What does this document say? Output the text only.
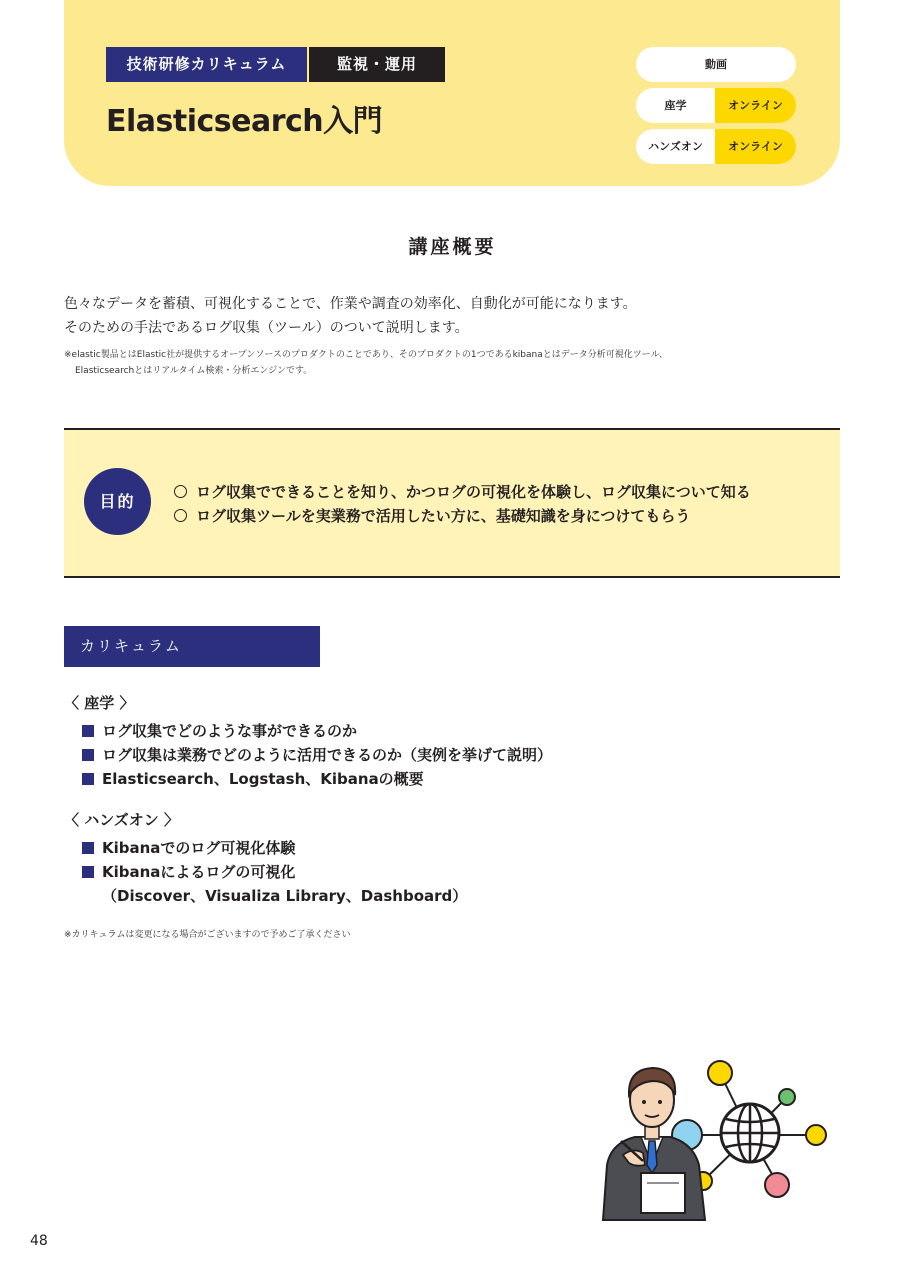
技術研修カリキュラム	監視・運用
Elasticsearch入門
動画
座学	オンライン
ハンズオン	オンライン
講座概要
色々なデータを蓄積、可視化することで、作業や調査の効率化、自動化が可能になります。
そのための手法であるログ収集（ツール）のついて説明します。
※elastic製品とはElastic社が提供するオープンソースのプロダクトのことであり、そのプロダクトの1つであるkibanaとはデータ分析可視化ツール、
Elasticsearchとはリアルタイム検索・分析エンジンです。
目的	ログ収集でできることを知り、かつログの可視化を体験し、ログ収集について知る
ログ収集ツールを実業務で活用したい方に、基礎知識を身につけてもらう
カリキュラム
〈 座学 〉
ログ収集でどのような事ができるのか
ログ収集は業務でどのように活用できるのか（実例を挙げて説明）
Elasticsearch、Logstash、Kibanaの概要
〈 ハンズオン 〉
Kibanaでのログ可視化体験
Kibanaによるログの可視化
（Discover、Visualiza Library、Dashboard）
※カリキュラムは変更になる場合がございますので予めご了承ください
48
